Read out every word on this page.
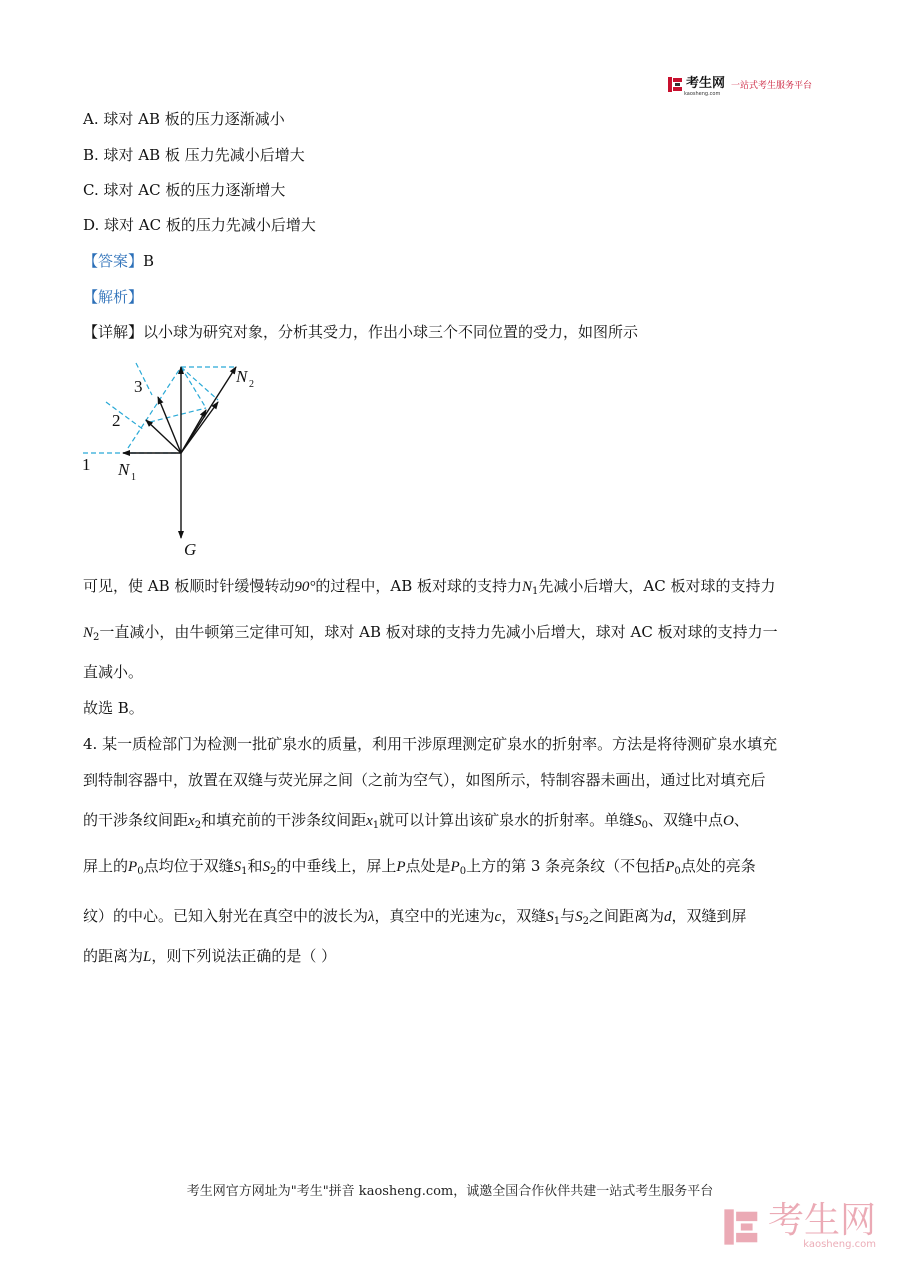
考生网
kaosheng.com
一站式考生服务平台
A. 球对 AB 板的压力逐渐减小
B. 球对 AB 板 压力先减小后增大
C. 球对 AC 板的压力逐渐增大
D. 球对 AC 板的压力先减小后增大
【答案】B
【解析】
【详解】以小球为研究对象，分析其受力，作出小球三个不同位置的受力，如图所示
3
2
1 N 1
N 2
G
可见，使 AB 板顺时针缓慢转动90°的过程中，AB 板对球的支持力$N_1$先减小后增大，AC 板对球的支持力
$N_2$一直减小，由牛顿第三定律可知，球对 AB 板对球的支持力先减小后增大，球对 AC 板对球的支持力一
直减小。
故选 B。
4. 某一质检部门为检测一批矿泉水的质量，利用干涉原理测定矿泉水的折射率。方法是将待测矿泉水填充
到特制容器中，放置在双缝与荧光屏之间（之前为空气），如图所示，特制容器未画出，通过比对填充后
的干涉条纹间距$x_2$和填充前的干涉条纹间距$x_1$就可以计算出该矿泉水的折射率。单缝$S_0$、双缝中点O、
屏上的$P_0$点均位于双缝$S_1$和$S_2$的中垂线上，屏上P点处是$P_0$上方的第 3 条亮条纹（不包括$P_0$点处的亮条
纹）的中心。已知入射光在真空中的波长为λ，真空中的光速为c，双缝$S_1$与$S_2$之间距离为d，双缝到屏
的距离为L，则下列说法正确的是（ ）
考生网官方网址为"考生"拼音 kaosheng.com，诚邀全国合作伙伴共建一站式考生服务平台
考生网
kaosheng.com
